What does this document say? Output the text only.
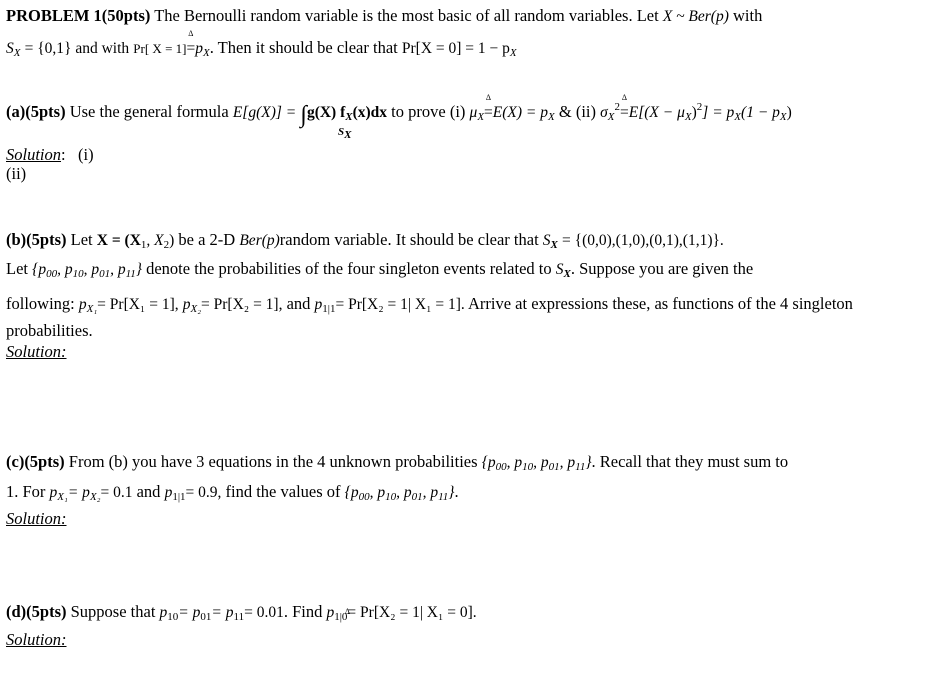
PROBLEM 1(50pts) The Bernoulli random variable is the most basic of all random variables. Let X ~ Ber(p) with
$S_X = \{0,1\}$ and with Pr[ $X = 1]\Delta =p_X$. Then it should be clear that $Pr[X = 0] = 1 - p_X$
(a)(5pts) Use the general formula E[g(X)] = ∫g(X) $f_X(x)dx$ to prove (i) $\mu_X\Delta =E(X) = p_X$ & (ii) $\sigma_X^2\Delta =E[(X - \mu_X)^2] = p_X(1 - p_X)$
SX
Solution: (i)
(ii)
(b)(5pts) Let $X = (X_1$, $X_2$) be a 2-D Ber(p)random variable. It should be clear that $S_X = \{(0,0),(1,0),(0,1),(1,1)\}$.
Let {$p_{00}$, $p_{10}$, $p_{01}$, $p_{11}$} denote the probabilities of the four singleton events related to $S_X$. Suppose you are given the
following: $p_{X_1}= Pr[X_1 = 1]$, $p_{X_2}= Pr[X_2 = 1]$, and $p_{1|1}= Pr[X_2 = 1|$ X₁ = 1]. Arrive at expressions these, as functions of the 4 singleton
probabilities.
Solution:
(c)(5pts) From (b) you have 3 equations in the 4 unknown probabilities {$p_{00}$, $p_{10}$, $p_{01}$, $p_{11}$}. Recall that they must sum to
1. For $p_{X_1}= p_{X_2}= 0.1$ and $p_{1|1}= 0.9$, find the values of {$p_{00}$, $p_{10}$, $p_{01}$, $p_{11}$}.
Solution:
(d)(5pts) Suppose that $p_{10}= p_{01}= p_{11}= 0.01$. Find $p_{1|0}= Pr[X_2 = 1|$ X₁ = 0].
Solution:
